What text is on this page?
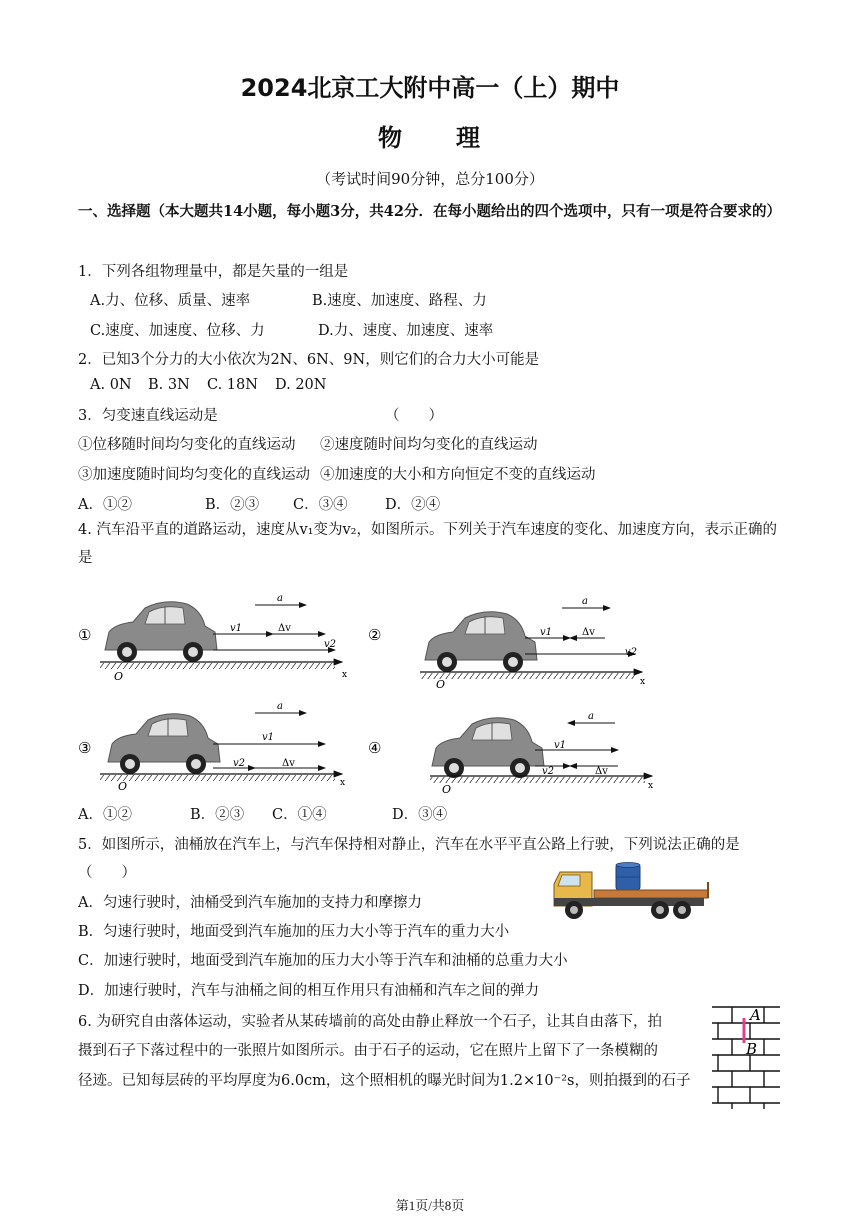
2024北京工大附中高一（上）期中
物　　理
（考试时间90分钟，总分100分）
一、选择题（本大题共14小题，每小题3分，共42分．在每小题给出的四个选项中，只有一项是符合要求的）
1．下列各组物理量中，都是矢量的一组是
A.力、位移、质量、速率	B.速度、加速度、路程、力
C.速度、加速度、位移、力	D.力、速度、加速度、速率
2．已知3个分力的大小依次为2N、6N、9N，则它们的合力大小可能是
A. 0N B. 3N C. 18N D. 20N
3．匀变速直线运动是	（　　）
①位移随时间均匀变化的直线运动 ②速度随时间均匀变化的直线运动
③加速度随时间均匀变化的直线运动 ④加速度的大小和方向恒定不变的直线运动
A．①②	B．②③ C．③④	D．②④
4. 汽车沿平直的道路运动，速度从v₁变为v₂，如图所示。下列关于汽车速度的变化、加速度方向，表示正确的是
①
O	x
a
v1	Δv
v2
②
O	x
a
v1	Δv
v2
③
O	x
a
v1
v2	Δv
④
O	x
a
v1
v2	Δv
A．①②	B．②③ C．①④	D．③④
5．如图所示，油桶放在汽车上，与汽车保持相对静止，汽车在水平平直公路上行驶，下列说法正确的是
（　　）
A．匀速行驶时，油桶受到汽车施加的支持力和摩擦力
B．匀速行驶时，地面受到汽车施加的压力大小等于汽车的重力大小
C．加速行驶时，地面受到汽车施加的压力大小等于汽车和油桶的总重力大小
D．加速行驶时，汽车与油桶之间的相互作用只有油桶和汽车之间的弹力
6. 为研究自由落体运动，实验者从某砖墙前的高处由静止释放一个石子，让其自由落下，拍
摄到石子下落过程中的一张照片如图所示。由于石子的运动，它在照片上留下了一条模糊的
径迹。已知每层砖的平均厚度为6.0cm，这个照相机的曝光时间为1.2×10⁻²s，则拍摄到的石子
A
B
第1页/共8页
